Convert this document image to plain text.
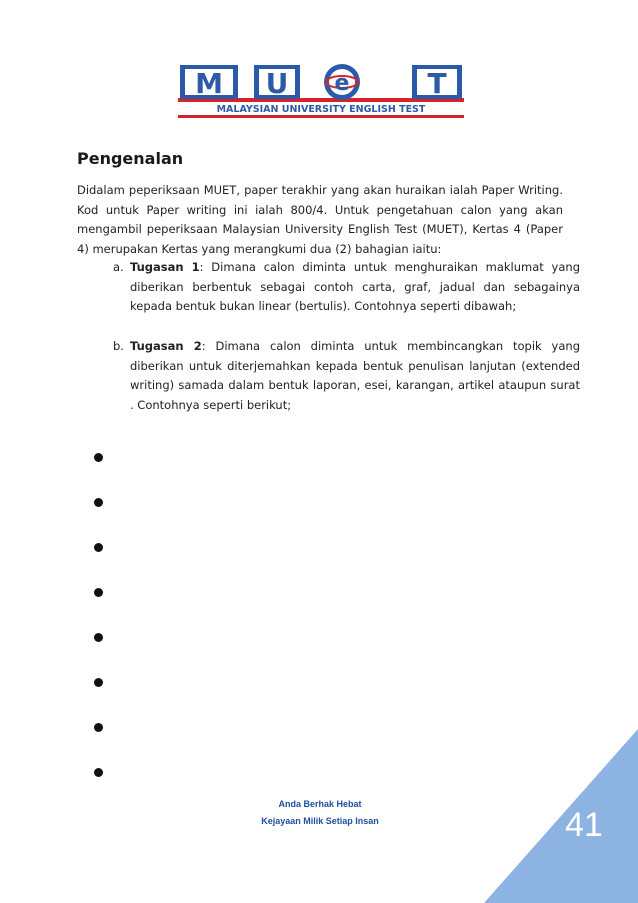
M U e	T
MALAYSIAN UNIVERSITY ENGLISH TEST
Pengenalan

Didalam peperiksaan MUET, paper terakhir yang akan huraikan ialah Paper Writing. Kod untuk Paper writing ini ialah 800/4. Untuk pengetahuan calon yang akan mengambil peperiksaan Malaysian University English Test (MUET), Kertas 4 (Paper 4) merupakan Kertas yang merangkumi dua (2) bahagian iaitu:

a. Tugasan 1: Dimana calon diminta untuk menghuraikan maklumat yang diberikan berbentuk sebagai contoh carta, graf, jadual dan sebagainya kepada bentuk bukan linear (bertulis). Contohnya seperti dibawah;

b. Tugasan 2: Dimana calon diminta untuk membincangkan topik yang diberikan untuk diterjemahkan kepada bentuk penulisan lanjutan (extended writing) samada dalam bentuk laporan, esei, karangan, artikel ataupun surat . Contohnya seperti berikut;

Anda Berhak Hebat
Kejayaan Milik Setiap Insan	41
